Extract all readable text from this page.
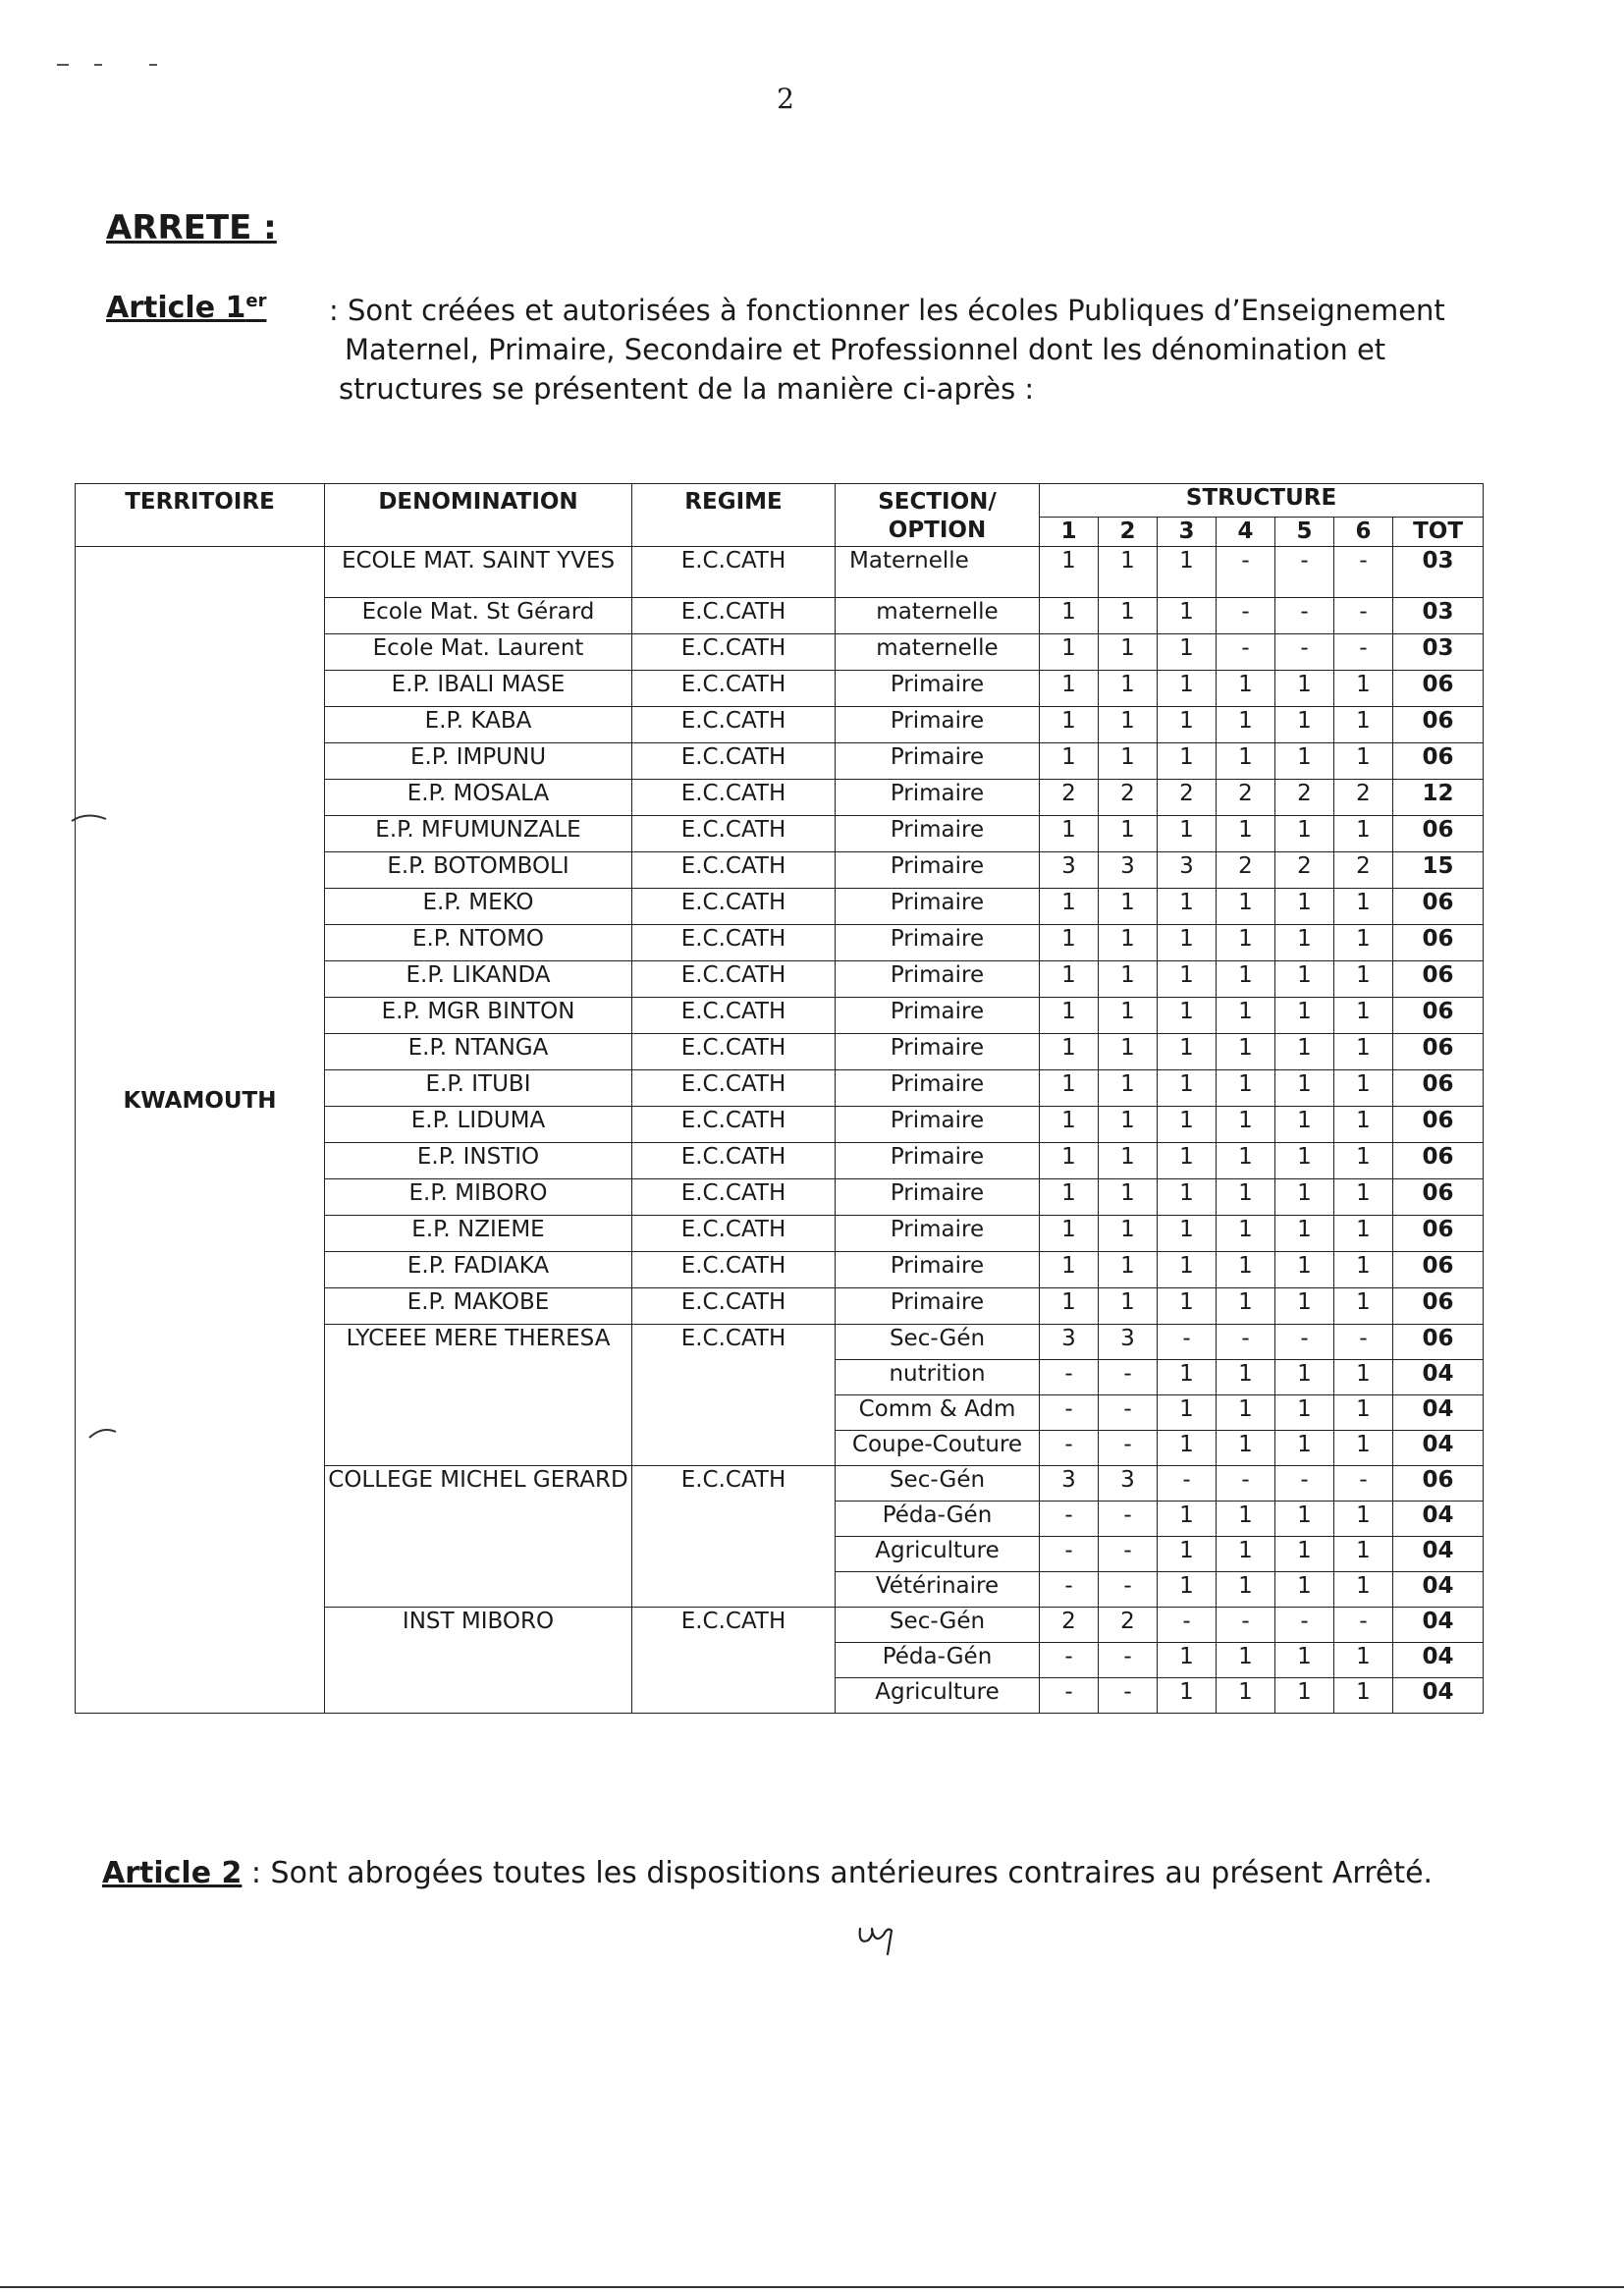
2
ARRETE :
Article 1er : Sont créées et autorisées à fonctionner les écoles Publiques d’Enseignement
Maternel, Primaire, Secondaire et Professionnel dont les dénomination et
structures se présentent de la manière ci-après :
TERRITOIRE	DENOMINATION	REGIME	SECTION/
OPTION	STRUCTURE						
				1	2	3	4	5	6	TOT
KWAMOUTH	ECOLE MAT. SAINT YVES	E.C.CATH	Maternelle	1	1	1	-	-	-	03
	Ecole Mat. St Gérard	E.C.CATH	maternelle	1	1	1	-	-	-	03
	Ecole Mat. Laurent	E.C.CATH	maternelle	1	1	1	-	-	-	03
	E.P. IBALI MASE	E.C.CATH	Primaire	1	1	1	1	1	1	06
	E.P. KABA	E.C.CATH	Primaire	1	1	1	1	1	1	06
	E.P. IMPUNU	E.C.CATH	Primaire	1	1	1	1	1	1	06
	E.P. MOSALA	E.C.CATH	Primaire	2	2	2	2	2	2	12
	E.P. MFUMUNZALE	E.C.CATH	Primaire	1	1	1	1	1	1	06
	E.P. BOTOMBOLI	E.C.CATH	Primaire	3	3	3	2	2	2	15
	E.P. MEKO	E.C.CATH	Primaire	1	1	1	1	1	1	06
	E.P. NTOMO	E.C.CATH	Primaire	1	1	1	1	1	1	06
	E.P. LIKANDA	E.C.CATH	Primaire	1	1	1	1	1	1	06
	E.P. MGR BINTON	E.C.CATH	Primaire	1	1	1	1	1	1	06
	E.P. NTANGA	E.C.CATH	Primaire	1	1	1	1	1	1	06
	E.P. ITUBI	E.C.CATH	Primaire	1	1	1	1	1	1	06
	E.P. LIDUMA	E.C.CATH	Primaire	1	1	1	1	1	1	06
	E.P. INSTIO	E.C.CATH	Primaire	1	1	1	1	1	1	06
	E.P. MIBORO	E.C.CATH	Primaire	1	1	1	1	1	1	06
	E.P. NZIEME	E.C.CATH	Primaire	1	1	1	1	1	1	06
	E.P. FADIAKA	E.C.CATH	Primaire	1	1	1	1	1	1	06
	E.P. MAKOBE	E.C.CATH	Primaire	1	1	1	1	1	1	06
	LYCEEE MERE THERESA	E.C.CATH	Sec-Gén	3	3	-	-	-	-	06
			nutrition	-	-	1	1	1	1	04
			Comm & Adm	-	-	1	1	1	1	04
			Coupe-Couture	-	-	1	1	1	1	04
	COLLEGE MICHEL GERARD	E.C.CATH	Sec-Gén	3	3	-	-	-	-	06
			Péda-Gén	-	-	1	1	1	1	04
			Agriculture	-	-	1	1	1	1	04
			Vétérinaire	-	-	1	1	1	1	04
	INST MIBORO	E.C.CATH	Sec-Gén	2	2	-	-	-	-	04
			Péda-Gén	-	-	1	1	1	1	04
			Agriculture	-	-	1	1	1	1	04
Article 2 : Sont abrogées toutes les dispositions antérieures contraires au présent Arrêté.
